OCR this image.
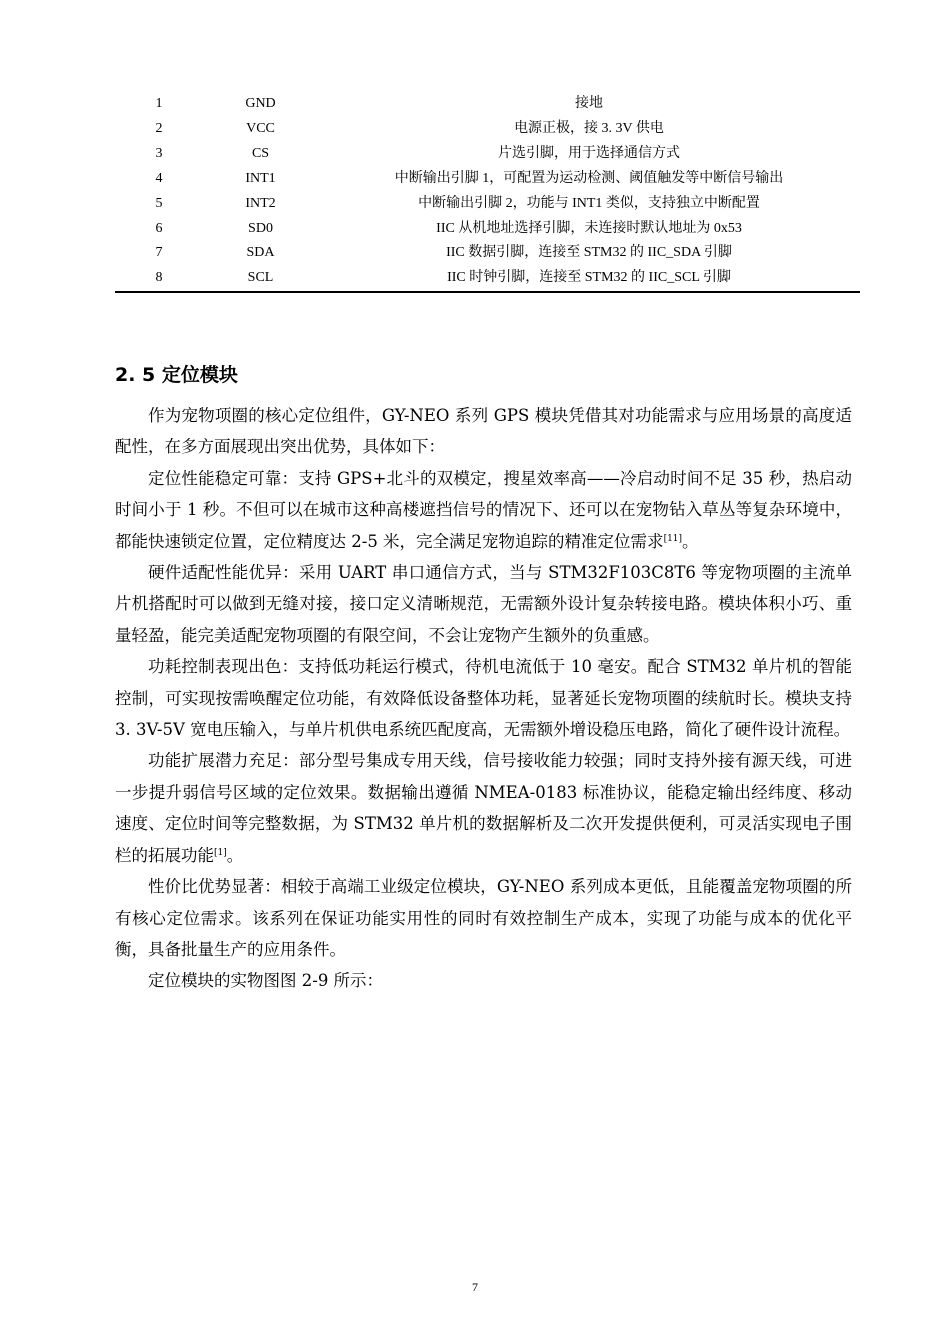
1	GND	接地
2	VCC	电源正极，接 3. 3V 供电
3	CS	片选引脚，用于选择通信方式
4	INT1	中断输出引脚 1，可配置为运动检测、阈值触发等中断信号输出
5	INT2	中断输出引脚 2，功能与 INT1 类似，支持独立中断配置
6	SD0	IIC 从机地址选择引脚，未连接时默认地址为 0x53
7	SDA	IIC 数据引脚，连接至 STM32 的 IIC_SDA 引脚
8	SCL	IIC 时钟引脚，连接至 STM32 的 IIC_SCL 引脚
2. 5 定位模块

作为宠物项圈的核心定位组件，GY-NEO 系列 GPS 模块凭借其对功能需求与应用场景的高度适配性，在多方面展现出突出优势，具体如下：

定位性能稳定可靠：支持 GPS+北斗的双模定，搜星效率高——冷启动时间不足 35 秒，热启动时间小于 1 秒。不但可以在城市这种高楼遮挡信号的情况下、还可以在宠物钻入草丛等复杂环境中，都能快速锁定位置，定位精度达 2-5 米，完全满足宠物追踪的精准定位需求[11]。

硬件适配性能优异：采用 UART 串口通信方式，当与 STM32F103C8T6 等宠物项圈的主流单片机搭配时可以做到无缝对接，接口定义清晰规范，无需额外设计复杂转接电路。模块体积小巧、重量轻盈，能完美适配宠物项圈的有限空间，不会让宠物产生额外的负重感。

功耗控制表现出色：支持低功耗运行模式，待机电流低于 10 毫安。配合 STM32 单片机的智能控制，可实现按需唤醒定位功能，有效降低设备整体功耗，显著延长宠物项圈的续航时长。模块支持 3. 3V-5V 宽电压输入，与单片机供电系统匹配度高，无需额外增设稳压电路，简化了硬件设计流程。

功能扩展潜力充足：部分型号集成专用天线，信号接收能力较强；同时支持外接有源天线，可进一步提升弱信号区域的定位效果。数据输出遵循 NMEA-0183 标准协议，能稳定输出经纬度、移动速度、定位时间等完整数据，为 STM32 单片机的数据解析及二次开发提供便利，可灵活实现电子围栏的拓展功能[1]。

性价比优势显著：相较于高端工业级定位模块，GY-NEO 系列成本更低，且能覆盖宠物项圈的所有核心定位需求。该系列在保证功能实用性的同时有效控制生产成本，实现了功能与成本的优化平衡，具备批量生产的应用条件。

定位模块的实物图图 2-9 所示：

7
